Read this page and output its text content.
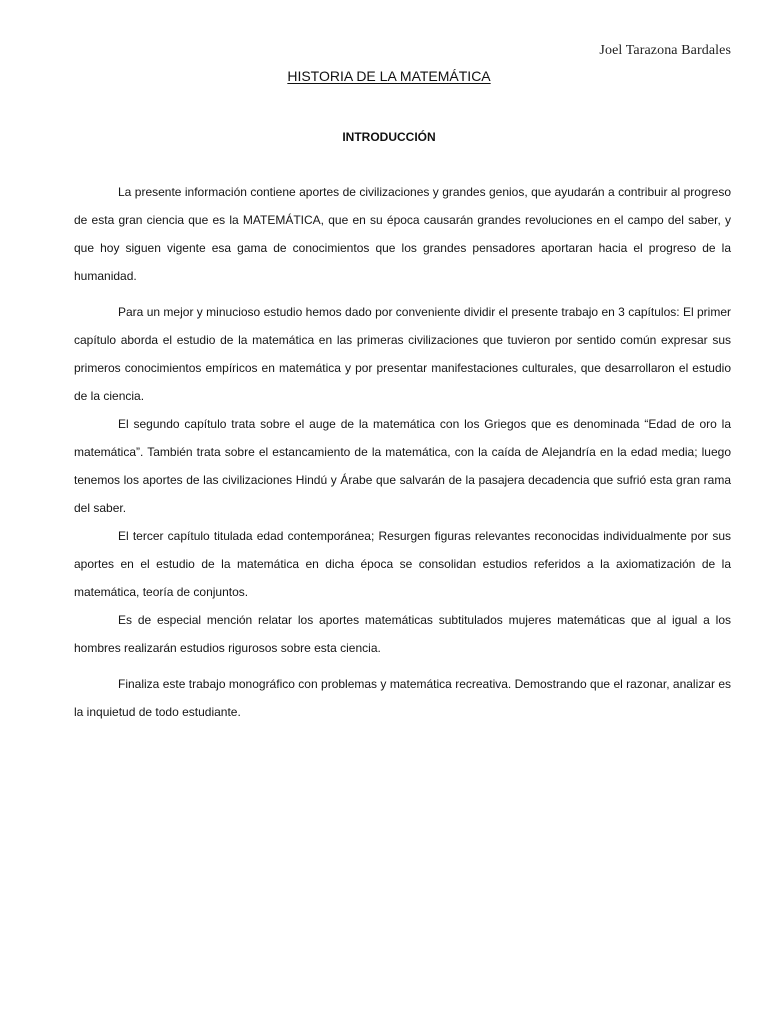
Joel Tarazona Bardales
HISTORIA DE LA MATEMÁTICA
INTRODUCCIÓN

La presente información contiene aportes de civilizaciones y grandes genios, que ayudarán a contribuir al progreso de esta gran ciencia que es la MATEMÁTICA, que en su época causarán grandes revoluciones en el campo del saber, y que hoy siguen vigente esa gama de conocimientos que los grandes pensadores aportaran hacia el progreso de la humanidad.

Para un mejor y minucioso estudio hemos dado por conveniente dividir el presente trabajo en 3 capítulos: El primer capítulo aborda el estudio de la matemática en las primeras civilizaciones que tuvieron por sentido común expresar sus primeros conocimientos empíricos en matemática y por presentar manifestaciones culturales, que desarrollaron el estudio de la ciencia.

El segundo capítulo trata sobre el auge de la matemática con los Griegos que es denominada “Edad de oro la matemática”. También trata sobre el estancamiento de la matemática, con la caída de Alejandría en la edad media; luego tenemos los aportes de las civilizaciones Hindú y Árabe que salvarán de la pasajera decadencia que sufrió esta gran rama del saber.

El tercer capítulo titulada edad contemporánea; Resurgen figuras relevantes reconocidas individualmente por sus aportes en el estudio de la matemática en dicha época se consolidan estudios referidos a la axiomatización de la matemática, teoría de conjuntos.

Es de especial mención relatar los aportes matemáticas subtitulados mujeres matemáticas que al igual a los hombres realizarán estudios rigurosos sobre esta ciencia.

Finaliza este trabajo monográfico con problemas y matemática recreativa. Demostrando que el razonar, analizar es la inquietud de todo estudiante.
